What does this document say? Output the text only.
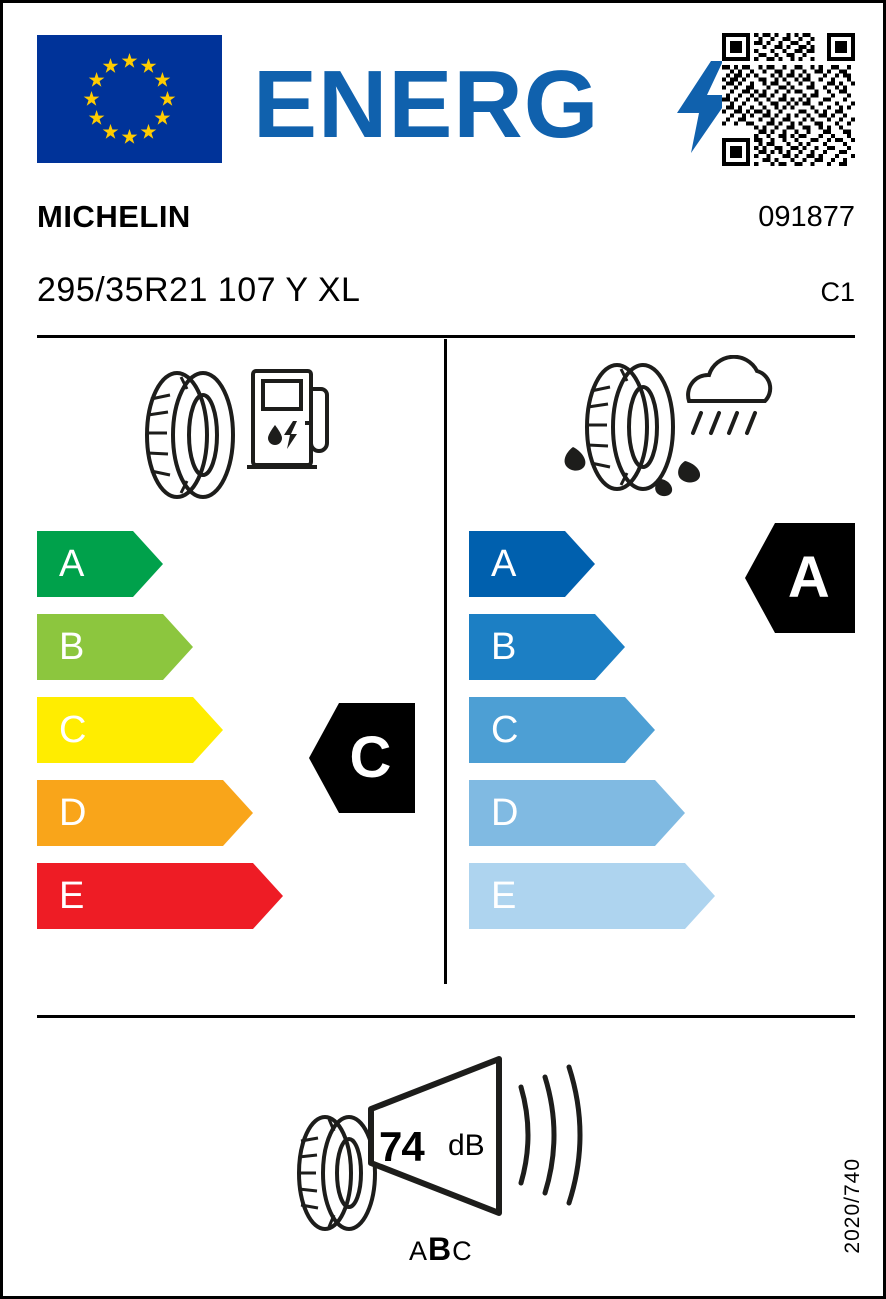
ENERG
MICHELIN	091877
295/35R21 107 Y XL	C1
A
B
C
D
E
A
B
C
D
E
C
A
74 dB
ABC	2020/740
